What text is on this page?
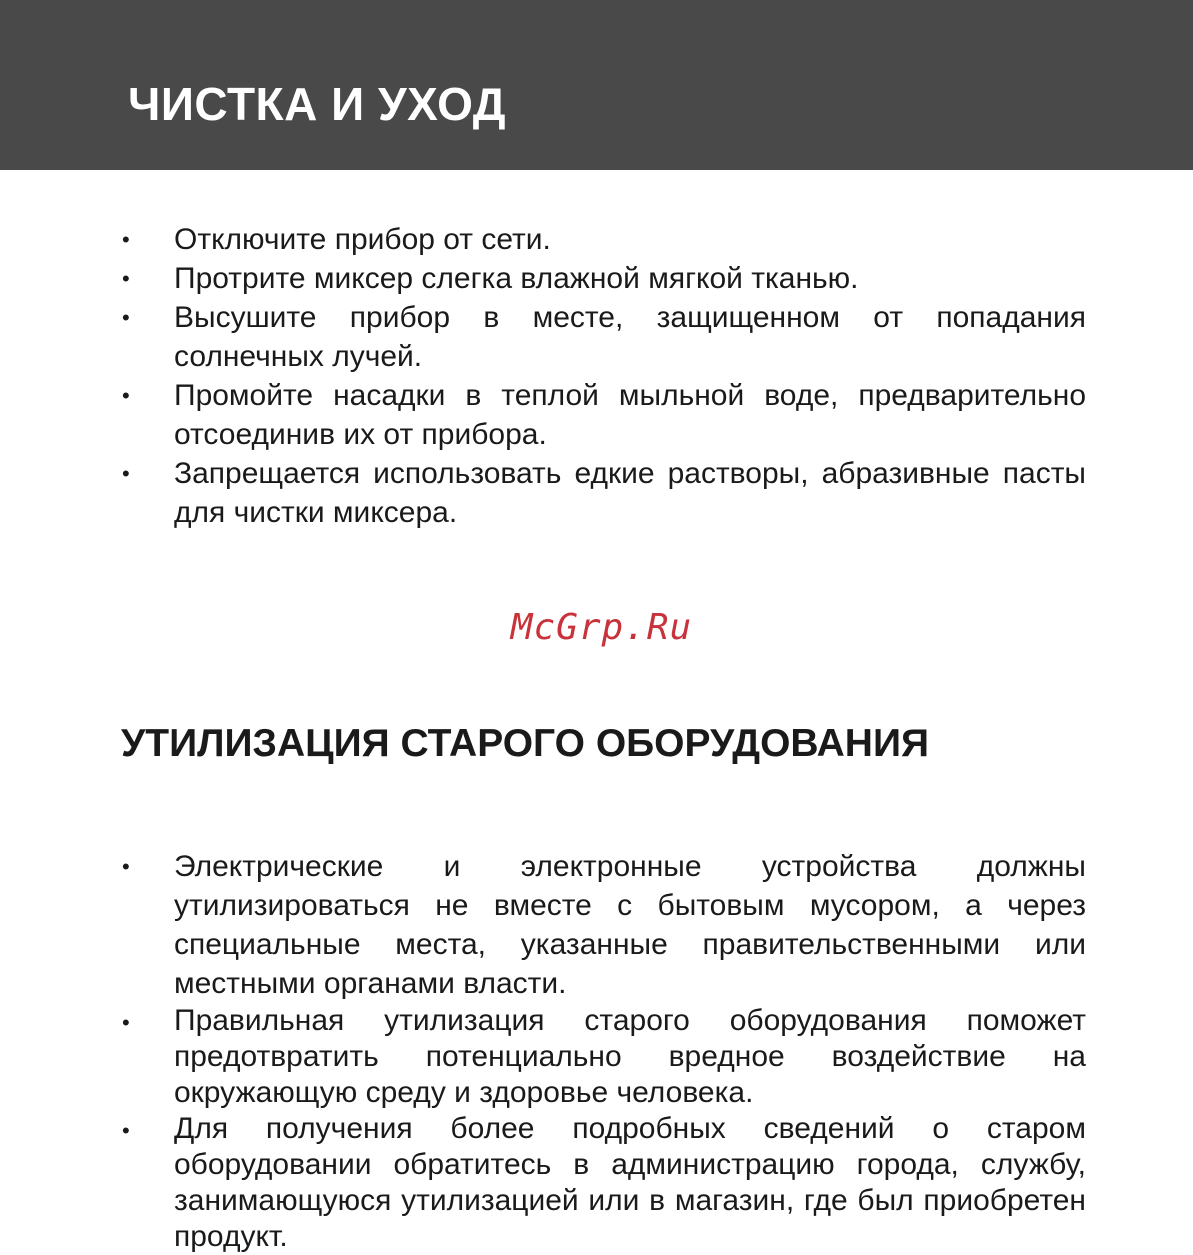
ЧИСТКА И УХОД
•	Отключите прибор от сети.
•	Протрите миксер слегка влажной мягкой тканью.
•	Высушите прибор в месте, защищенном от попадания солнечных лучей.
•	Промойте насадки в теплой мыльной воде, предварительно отсоединив их от прибора.
•	Запрещается использовать едкие растворы, абразивные пасты для чистки миксера.

McGrp.Ru

УТИЛИЗАЦИЯ СТАРОГО ОБОРУДОВАНИЯ
•	Электрические и электронные устройства должны утилизироваться не вместе с бытовым мусором, а через специальные места, указанные правительственными или местными органами власти.
•	Правильная утилизация старого оборудования поможет предотвратить потенциально вредное воздействие на окружающую среду и здоровье человека.
•	Для получения более подробных сведений о старом оборудовании обратитесь в администрацию города, службу, занимающуюся утилизацией или в магазин, где был приобретен продукт.
